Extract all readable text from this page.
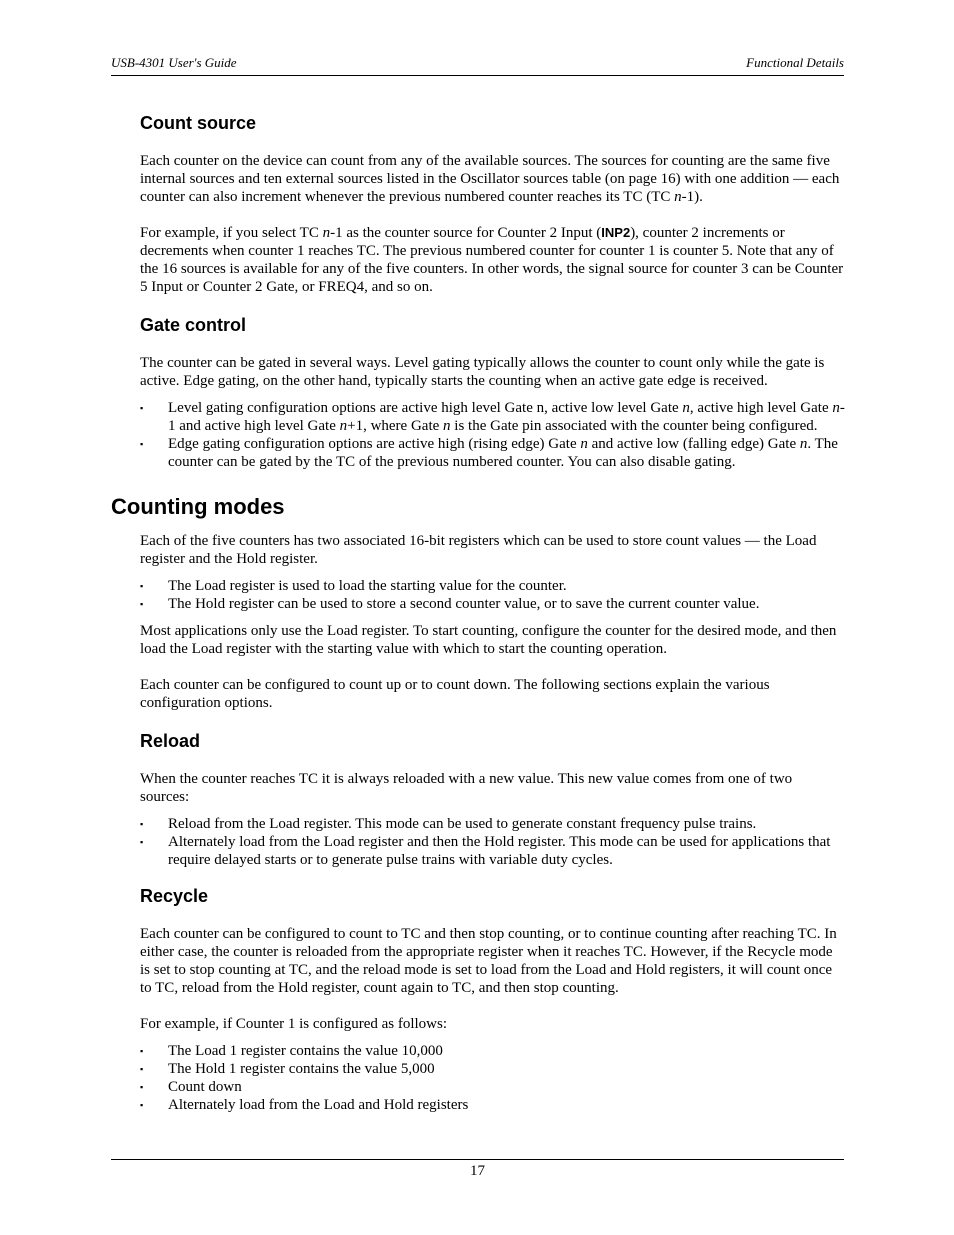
USB-4301 User's Guide	Functional Details
Count source

Each counter on the device can count from any of the available sources. The sources for counting are the same five internal sources and ten external sources listed in the Oscillator sources table (on page 16) with one addition — each counter can also increment whenever the previous numbered counter reaches its TC (TC n-1).

For example, if you select TC n-1 as the counter source for Counter 2 Input (INP2), counter 2 increments or decrements when counter 1 reaches TC. The previous numbered counter for counter 1 is counter 5. Note that any of the 16 sources is available for any of the five counters. In other words, the signal source for counter 3 can be Counter 5 Input or Counter 2 Gate, or FREQ4, and so on.

Gate control

The counter can be gated in several ways. Level gating typically allows the counter to count only while the gate is active. Edge gating, on the other hand, typically starts the counting when an active gate edge is received.

▪ Level gating configuration options are active high level Gate n, active low level Gate n, active high level Gate n-1 and active high level Gate n+1, where Gate n is the Gate pin associated with the counter being configured.
▪ Edge gating configuration options are active high (rising edge) Gate n and active low (falling edge) Gate n. The counter can be gated by the TC of the previous numbered counter. You can also disable gating.
Counting modes

Each of the five counters has two associated 16-bit registers which can be used to store count values — the Load register and the Hold register.

▪ The Load register is used to load the starting value for the counter.
▪ The Hold register can be used to store a second counter value, or to save the current counter value.

Most applications only use the Load register. To start counting, configure the counter for the desired mode, and then load the Load register with the starting value with which to start the counting operation.

Each counter can be configured to count up or to count down. The following sections explain the various configuration options.

Reload

When the counter reaches TC it is always reloaded with a new value. This new value comes from one of two sources:

▪ Reload from the Load register. This mode can be used to generate constant frequency pulse trains.
▪ Alternately load from the Load register and then the Hold register. This mode can be used for applications that require delayed starts or to generate pulse trains with variable duty cycles.
Recycle

Each counter can be configured to count to TC and then stop counting, or to continue counting after reaching TC. In either case, the counter is reloaded from the appropriate register when it reaches TC. However, if the Recycle mode is set to stop counting at TC, and the reload mode is set to load from the Load and Hold registers, it will count once to TC, reload from the Hold register, count again to TC, and then stop counting.

For example, if Counter 1 is configured as follows:

▪ The Load 1 register contains the value 10,000
▪ The Hold 1 register contains the value 5,000
▪ Count down
▪ Alternately load from the Load and Hold registers
17
